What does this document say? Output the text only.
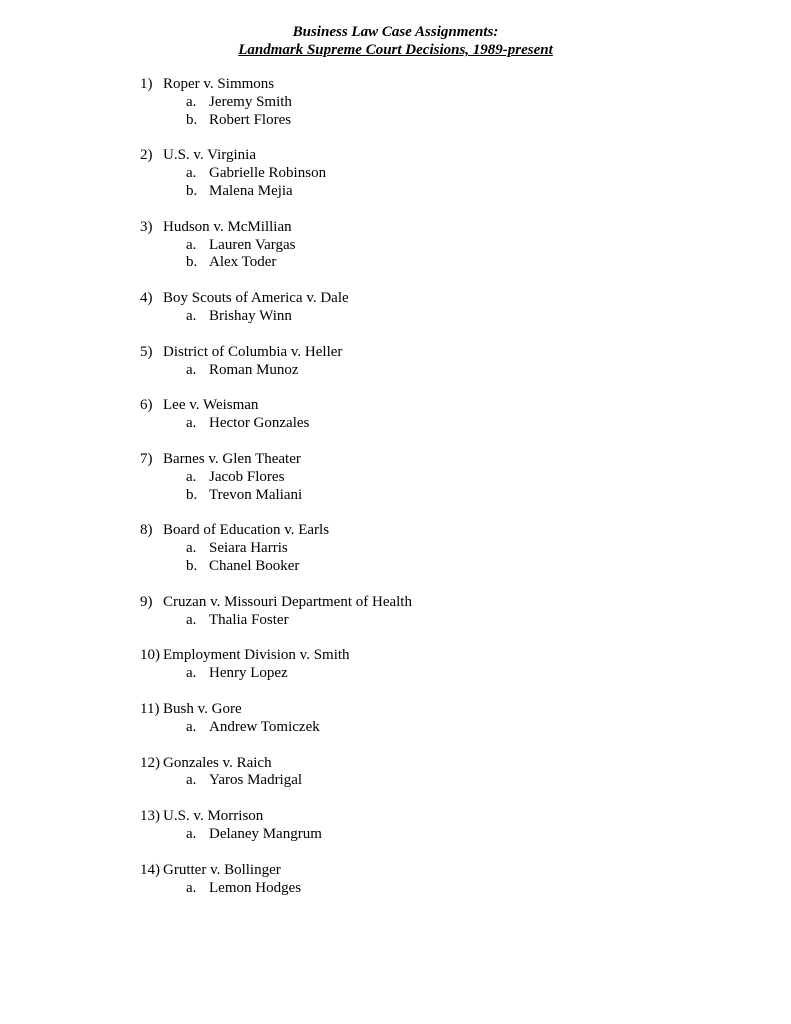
Business Law Case Assignments:
Landmark Supreme Court Decisions, 1989-present
1) Roper v. Simmons
a. Jeremy Smith
b. Robert Flores
2) U.S. v. Virginia
a. Gabrielle Robinson
b. Malena Mejia
3) Hudson v. McMillian
a. Lauren Vargas
b. Alex Toder
4) Boy Scouts of America v. Dale
a. Brishay Winn
5) District of Columbia v. Heller
a. Roman Munoz
6) Lee v. Weisman
a. Hector Gonzales
7) Barnes v. Glen Theater
a. Jacob Flores
b. Trevon Maliani
8) Board of Education v. Earls
a. Seiara Harris
b. Chanel Booker
9) Cruzan v. Missouri Department of Health
a. Thalia Foster
10) Employment Division v. Smith
a. Henry Lopez
11) Bush v. Gore
a. Andrew Tomiczek
12) Gonzales v. Raich
a. Yaros Madrigal
13) U.S. v. Morrison
a. Delaney Mangrum
14) Grutter v. Bollinger
a. Lemon Hodges
